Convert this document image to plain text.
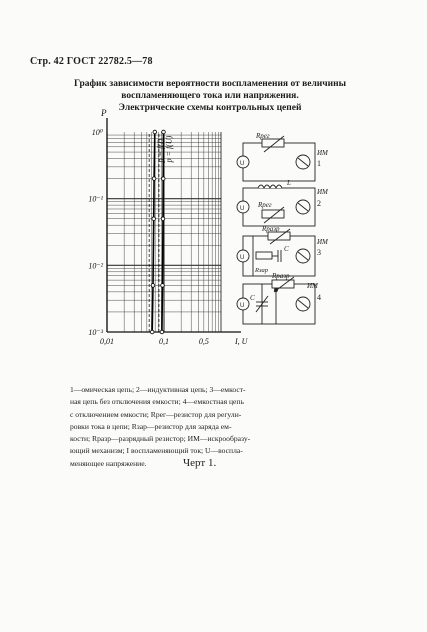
Стр. 42 ГОСТ 22782.5—78
График зависимости вероятности воспламенения от величины
воспламеняющего тока или напряжения.
Электрические схемы контрольных цепей
p = f(I) p = f(U)
10⁰
10⁻¹
10⁻²
10⁻³
0,01	0,1	0,5
P
I, U
U
Rрег
ИМ
1
U
L
Rрег
ИМ
2
U
Rразр
Rзар
C
ИМ
3
U
Rразр
C
ИМ
4
1—омическая цепь; 2—индуктивная цепь; 3—емкост-
ная цепь без отключения емкости; 4—емкостная цепь
с отключением емкости; Rрег—резистор для регули-
ровки тока в цепи; Rзар—резистор для заряда ем-
кости; Rразр—разрядный резистор; ИМ—искрообразу-
ющий механизм; I воспламеняющий ток; U—воспла-
меняющее напряжение.	Черт 1.
